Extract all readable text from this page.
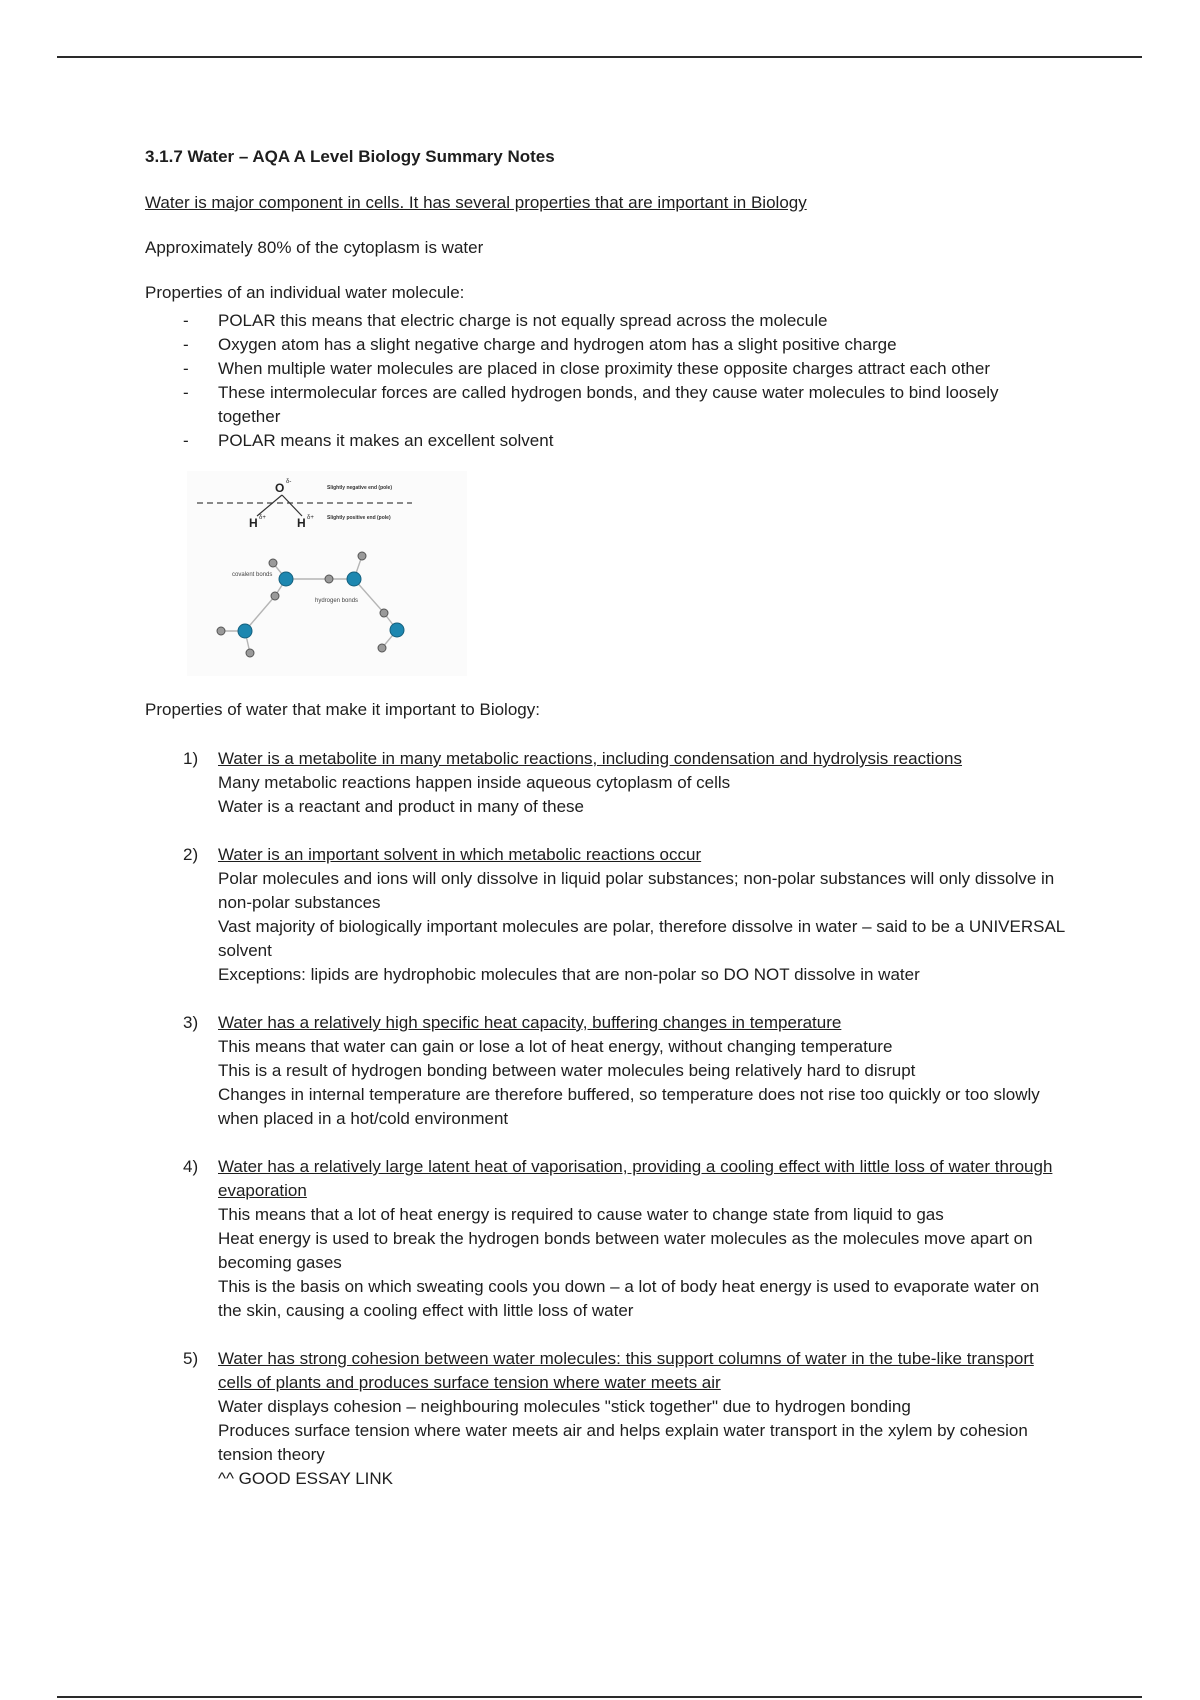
3.1.7 Water – AQA A Level Biology Summary Notes

Water is major component in cells. It has several properties that are important in Biology

Approximately 80% of the cytoplasm is water

Properties of an individual water molecule:
- POLAR this means that electric charge is not equally spread across the molecule
- Oxygen atom has a slight negative charge and hydrogen atom has a slight positive charge
- When multiple water molecules are placed in close proximity these opposite charges attract each other
- These intermolecular forces are called hydrogen bonds, and they cause water molecules to bind loosely together
- POLAR means it makes an excellent solvent
O δ-
H δ+	H δ+
Slightly negative end (pole)
Slightly positive end (pole)
covalent bonds
hydrogen bonds
Properties of water that make it important to Biology:
1) Water is a metabolite in many metabolic reactions, including condensation and hydrolysis reactions
Many metabolic reactions happen inside aqueous cytoplasm of cells
Water is a reactant and product in many of these
2) Water is an important solvent in which metabolic reactions occur
Polar molecules and ions will only dissolve in liquid polar substances; non-polar substances will only dissolve in non-polar substances
Vast majority of biologically important molecules are polar, therefore dissolve in water – said to be a UNIVERSAL solvent
Exceptions: lipids are hydrophobic molecules that are non-polar so DO NOT dissolve in water
3) Water has a relatively high specific heat capacity, buffering changes in temperature
This means that water can gain or lose a lot of heat energy, without changing temperature
This is a result of hydrogen bonding between water molecules being relatively hard to disrupt
Changes in internal temperature are therefore buffered, so temperature does not rise too quickly or too slowly when placed in a hot/cold environment
4) Water has a relatively large latent heat of vaporisation, providing a cooling effect with little loss of water through evaporation
This means that a lot of heat energy is required to cause water to change state from liquid to gas
Heat energy is used to break the hydrogen bonds between water molecules as the molecules move apart on becoming gases
This is the basis on which sweating cools you down – a lot of body heat energy is used to evaporate water on the skin, causing a cooling effect with little loss of water
5) Water has strong cohesion between water molecules: this support columns of water in the tube-like transport cells of plants and produces surface tension where water meets air
Water displays cohesion – neighbouring molecules "stick together" due to hydrogen bonding
Produces surface tension where water meets air and helps explain water transport in the xylem by cohesion tension theory
^^ GOOD ESSAY LINK
